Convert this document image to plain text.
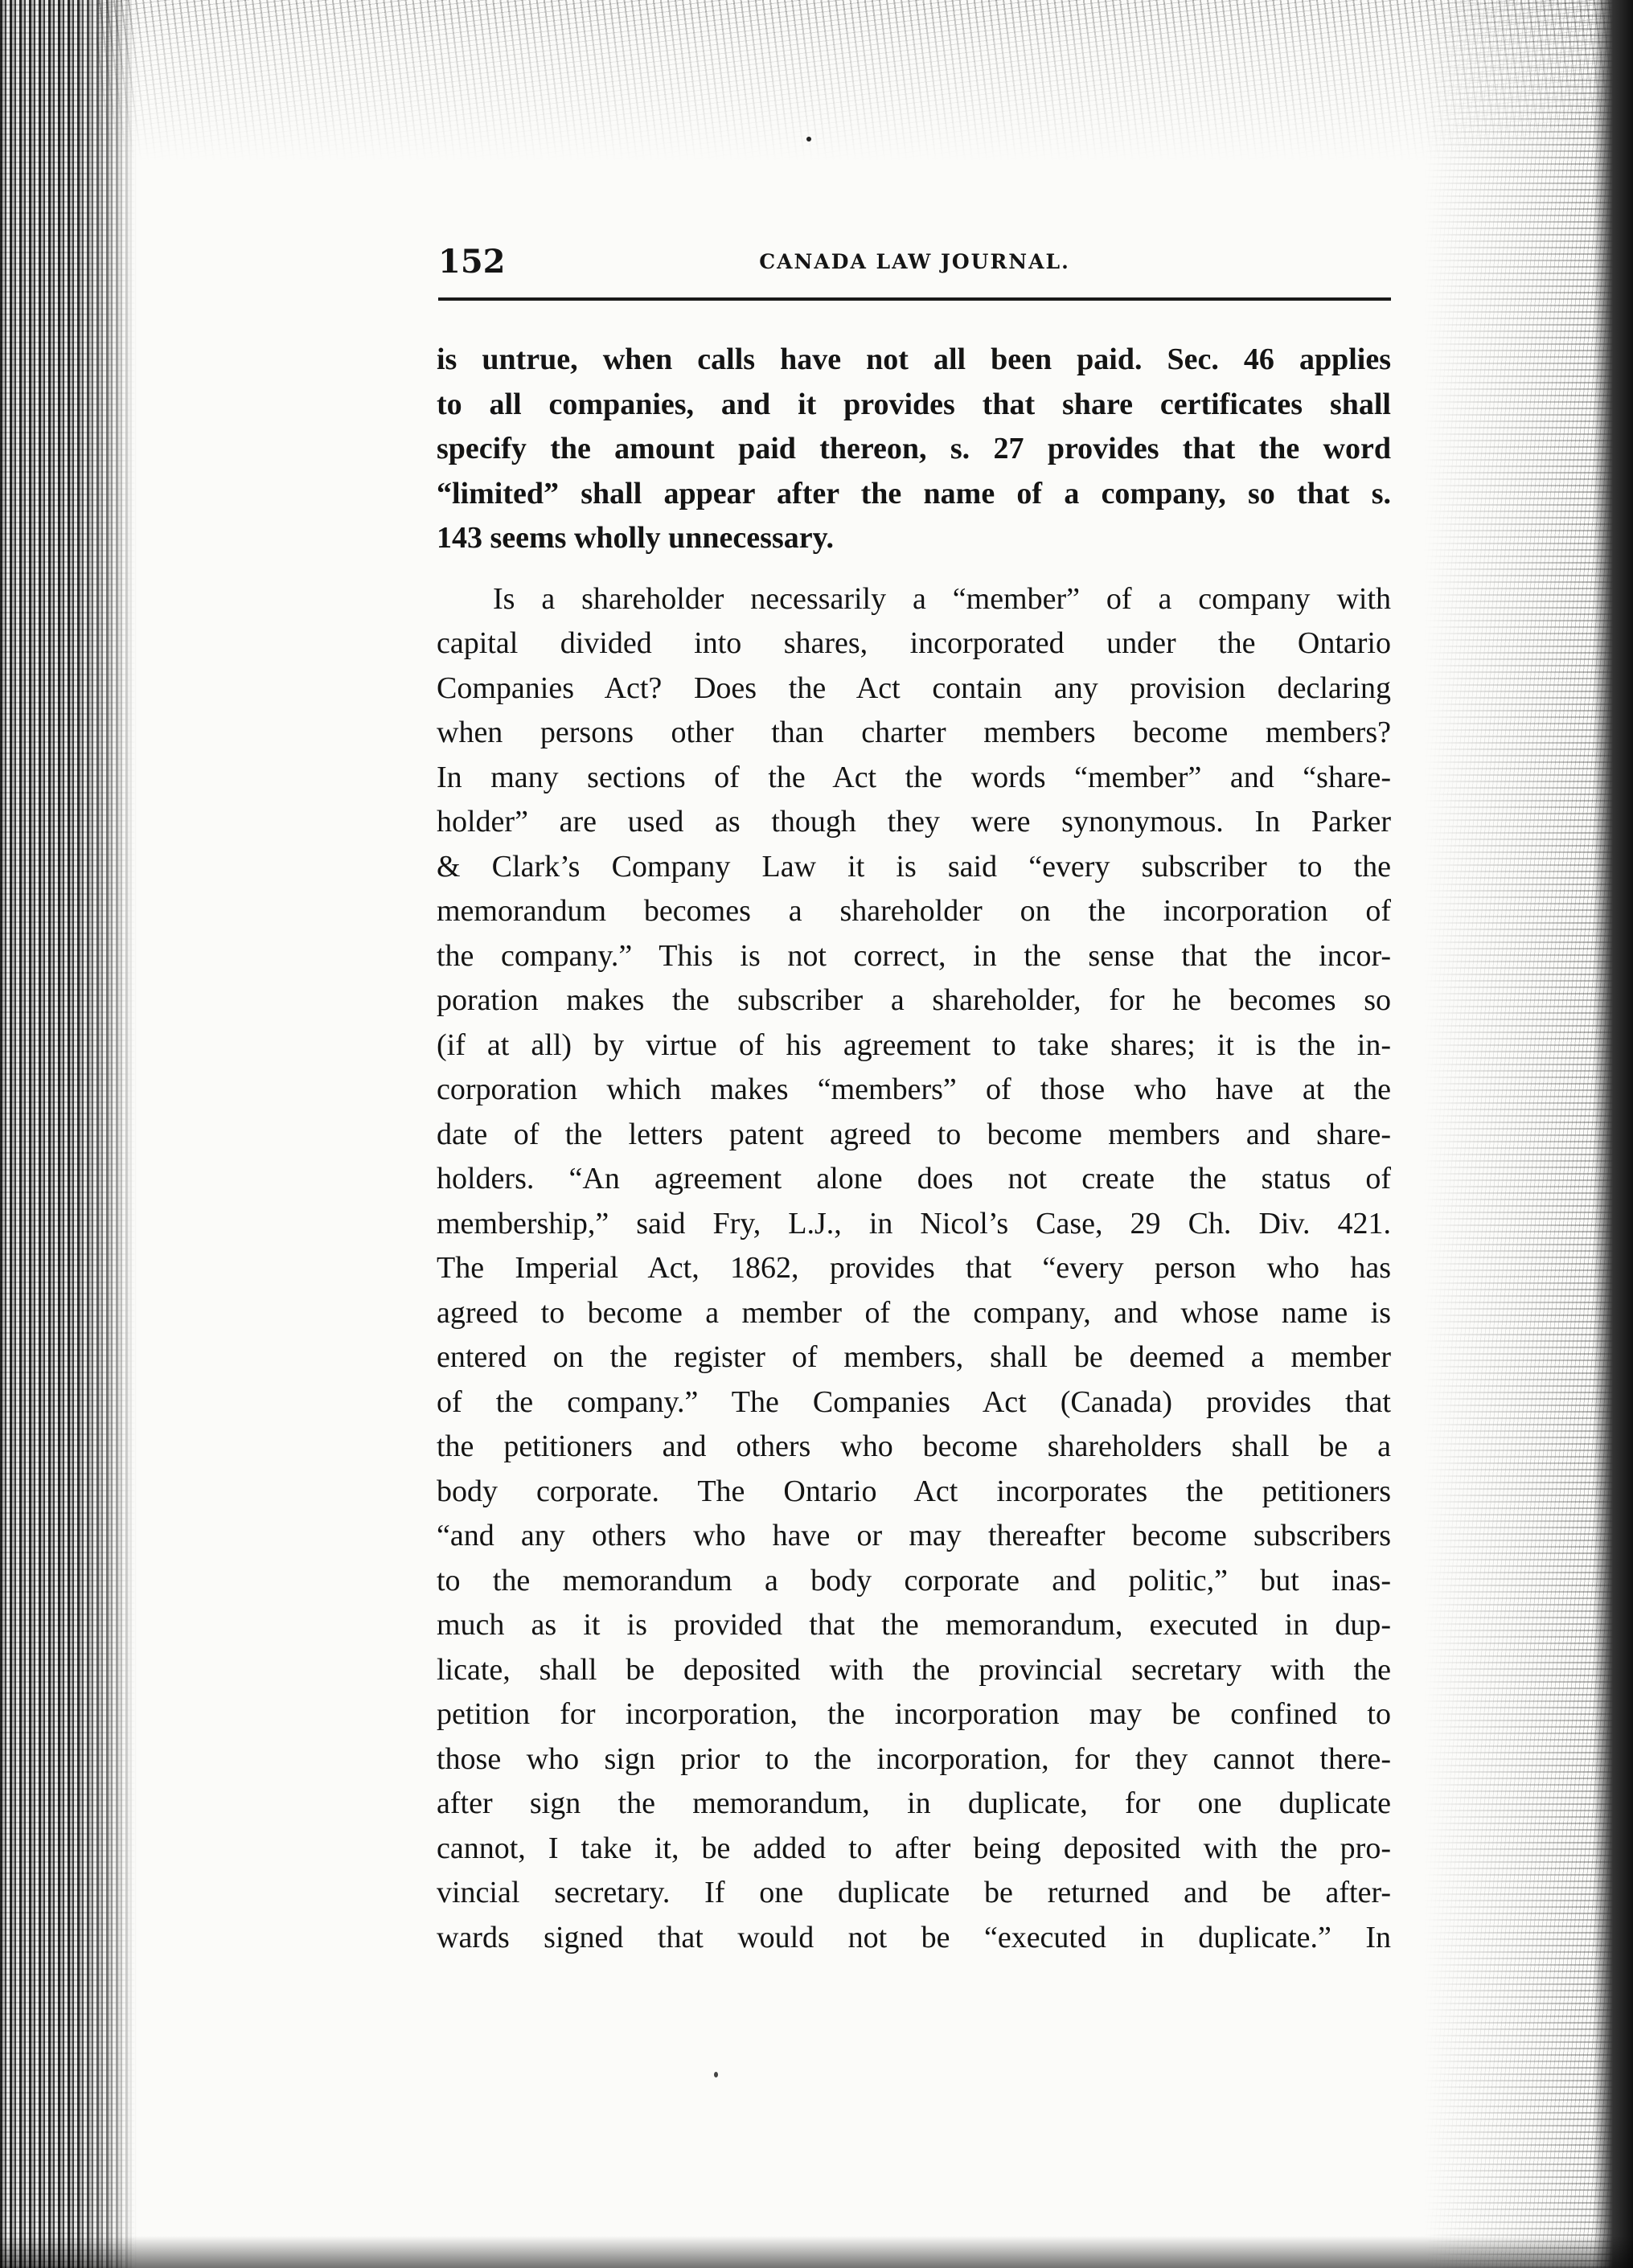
152	CANADA LAW JOURNAL.
is untrue, when calls have not all been paid. Sec. 46 applies
to all companies, and it provides that share certificates shall
specify the amount paid thereon, s. 27 provides that the word
“limited” shall appear after the name of a company, so that s.
143 seems wholly unnecessary.
Is a shareholder necessarily a “member” of a company with
capital divided into shares, incorporated under the Ontario
Companies Act? Does the Act contain any provision declaring
when persons other than charter members become members?
In many sections of the Act the words “member” and “share-
holder” are used as though they were synonymous. In Parker
& Clark’s Company Law it is said “every subscriber to the
memorandum becomes a shareholder on the incorporation of
the company.” This is not correct, in the sense that the incor-
poration makes the subscriber a shareholder, for he becomes so
(if at all) by virtue of his agreement to take shares; it is the in-
corporation which makes “members” of those who have at the
date of the letters patent agreed to become members and share-
holders. “An agreement alone does not create the status of
membership,” said Fry, L.J., in Nicol’s Case, 29 Ch. Div. 421.
The Imperial Act, 1862, provides that “every person who has
agreed to become a member of the company, and whose name is
entered on the register of members, shall be deemed a member
of the company.” The Companies Act (Canada) provides that
the petitioners and others who become shareholders shall be a
body corporate. The Ontario Act incorporates the petitioners
“and any others who have or may thereafter become subscribers
to the memorandum a body corporate and politic,” but inas-
much as it is provided that the memorandum, executed in dup-
licate, shall be deposited with the provincial secretary with the
petition for incorporation, the incorporation may be confined to
those who sign prior to the incorporation, for they cannot there-
after sign the memorandum, in duplicate, for one duplicate
cannot, I take it, be added to after being deposited with the pro-
vincial secretary. If one duplicate be returned and be after-
wards signed that would not be “executed in duplicate.” In
